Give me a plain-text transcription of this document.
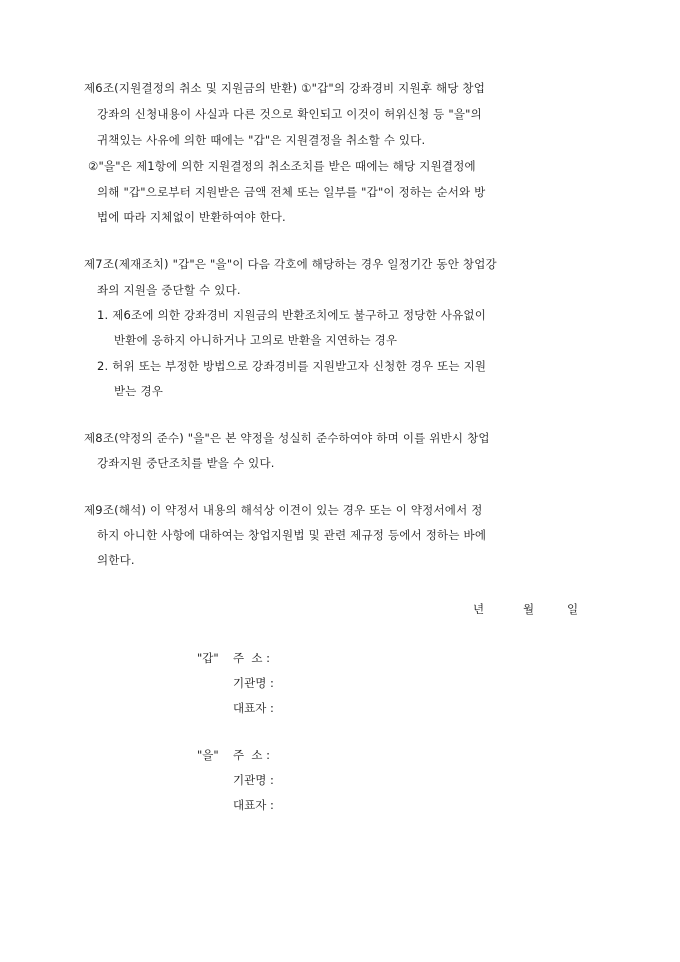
제6조(지원결정의 취소 및 지원금의 반환) ①"갑"의 강좌경비 지원후 해당 창업
강좌의 신청내용이 사실과 다른 것으로 확인되고 이것이 허위신청 등 "을"의
귀책있는 사유에 의한 때에는 "갑"은 지원결정을 취소할 수 있다.
②"을"은 제1항에 의한 지원결정의 취소조치를 받은 때에는 해당 지원결정에
의해 "갑"으로부터 지원받은 금액 전체 또는 일부를 "갑"이 정하는 순서와 방
법에 따라 지체없이 반환하여야 한다.
제7조(제재조치) "갑"은 "을"이 다음 각호에 해당하는 경우 일정기간 동안 창업강
좌의 지원을 중단할 수 있다.
1. 제6조에 의한 강좌경비 지원금의 반환조치에도 불구하고 정당한 사유없이
반환에 응하지 아니하거나 고의로 반환을 지연하는 경우
2. 허위 또는 부정한 방법으로 강좌경비를 지원받고자 신청한 경우 또는 지원
받는 경우
제8조(약정의 준수) "을"은 본 약정을 성실히 준수하여야 하며 이를 위반시 창업
강좌지원 중단조치를 받을 수 있다.
제9조(해석) 이 약정서 내용의 해석상 이견이 있는 경우 또는 이 약정서에서 정
하지 아니한 사항에 대하여는 창업지원법 및 관련 제규정 등에서 정하는 바에
의한다.
년	월	일
"갑" 주  소 :
기관명 :
대표자 :
"을" 주  소 :
기관명 :
대표자 :
